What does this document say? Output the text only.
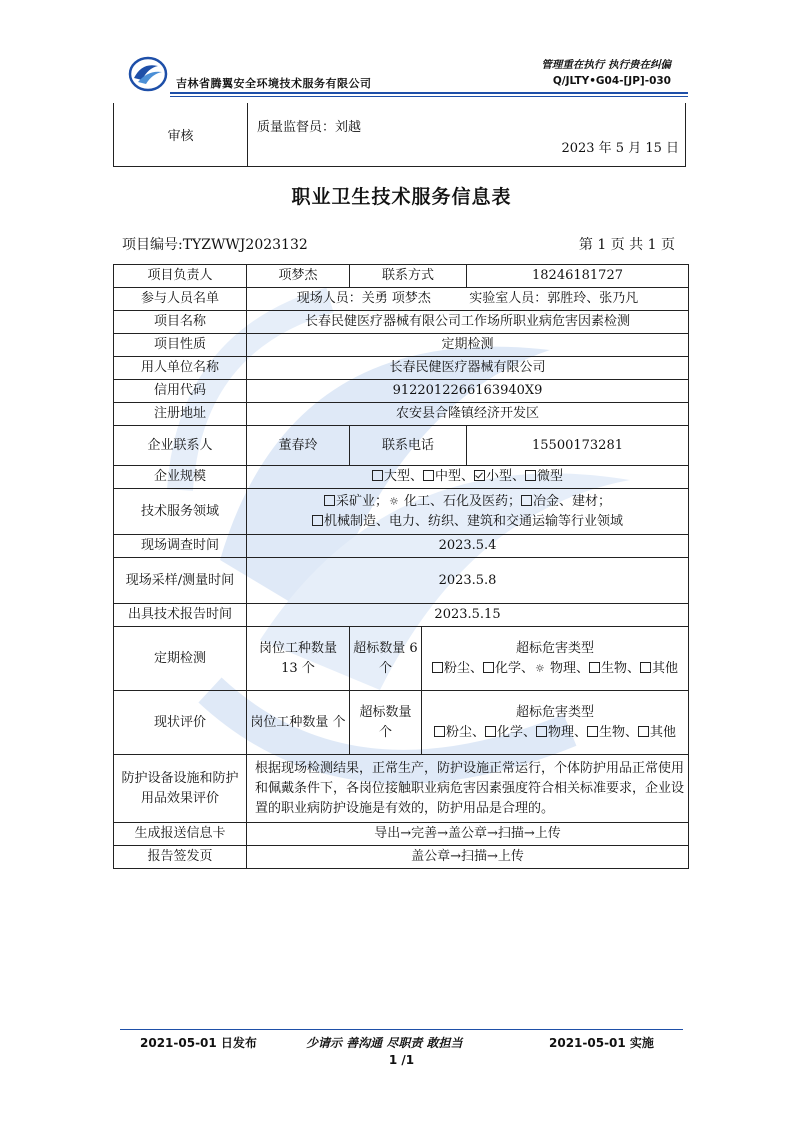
吉林省腾翼安全环境技术服务有限公司
管理重在执行 执行贵在纠偏
Q/JLTY•G04-[JP]-030
审核
质量监督员：刘越
2023 年 5 月 15 日
职业卫生技术服务信息表
项目编号:TYZWWJ2023132	第 1 页 共 1 页
项目负责人	项梦杰	联系方式		18246181727
参与人员名单	现场人员：关勇 项梦杰 实验室人员：郭胜玲、张乃凡			
项目名称	长春民健医疗器械有限公司工作场所职业病危害因素检测			
项目性质	定期检测			
用人单位名称	长春民健医疗器械有限公司			
信用代码	9122012266163940X9			
注册地址	农安县合隆镇经济开发区			
企业联系人	董春玲	联系电话		15500173281
企业规模	大型、 中型、 小型、 微型			
技术服务领域	采矿业；☼ 化工、石化及医药； 冶金、建材；
机械制造、电力、纺织、建筑和交通运输等行业领域			

现场调查时间	2023.5.4			
现场采样/测量时间	2023.5.8			
出具技术报告时间	2023.5.15			
定期检测	岗位工种数量 13 个	超标数量 6 个	超标危害类型
粉尘、 化学、☼ 物理、 生物、 其他	

现状评价	岗位工种数量 个	超标数量 个	超标危害类型
粉尘、 化学、 物理、 生物、 其他	

防护设备设施和防护用品效果评价	根据现场检测结果，正常生产，防护设施正常运行，个体防护用品正常使用和佩戴条件下，各岗位接触职业病危害因素强度符合相关标准要求，企业设置的职业病防护设施是有效的，防护用品是合理的。			
生成报送信息卡	导出→完善→盖公章→扫描→上传			
报告签发页	盖公章→扫描→上传			
2021-05-01 日发布	少请示 善沟通 尽职责 敢担当	2021-05-01 实施
1 /1
